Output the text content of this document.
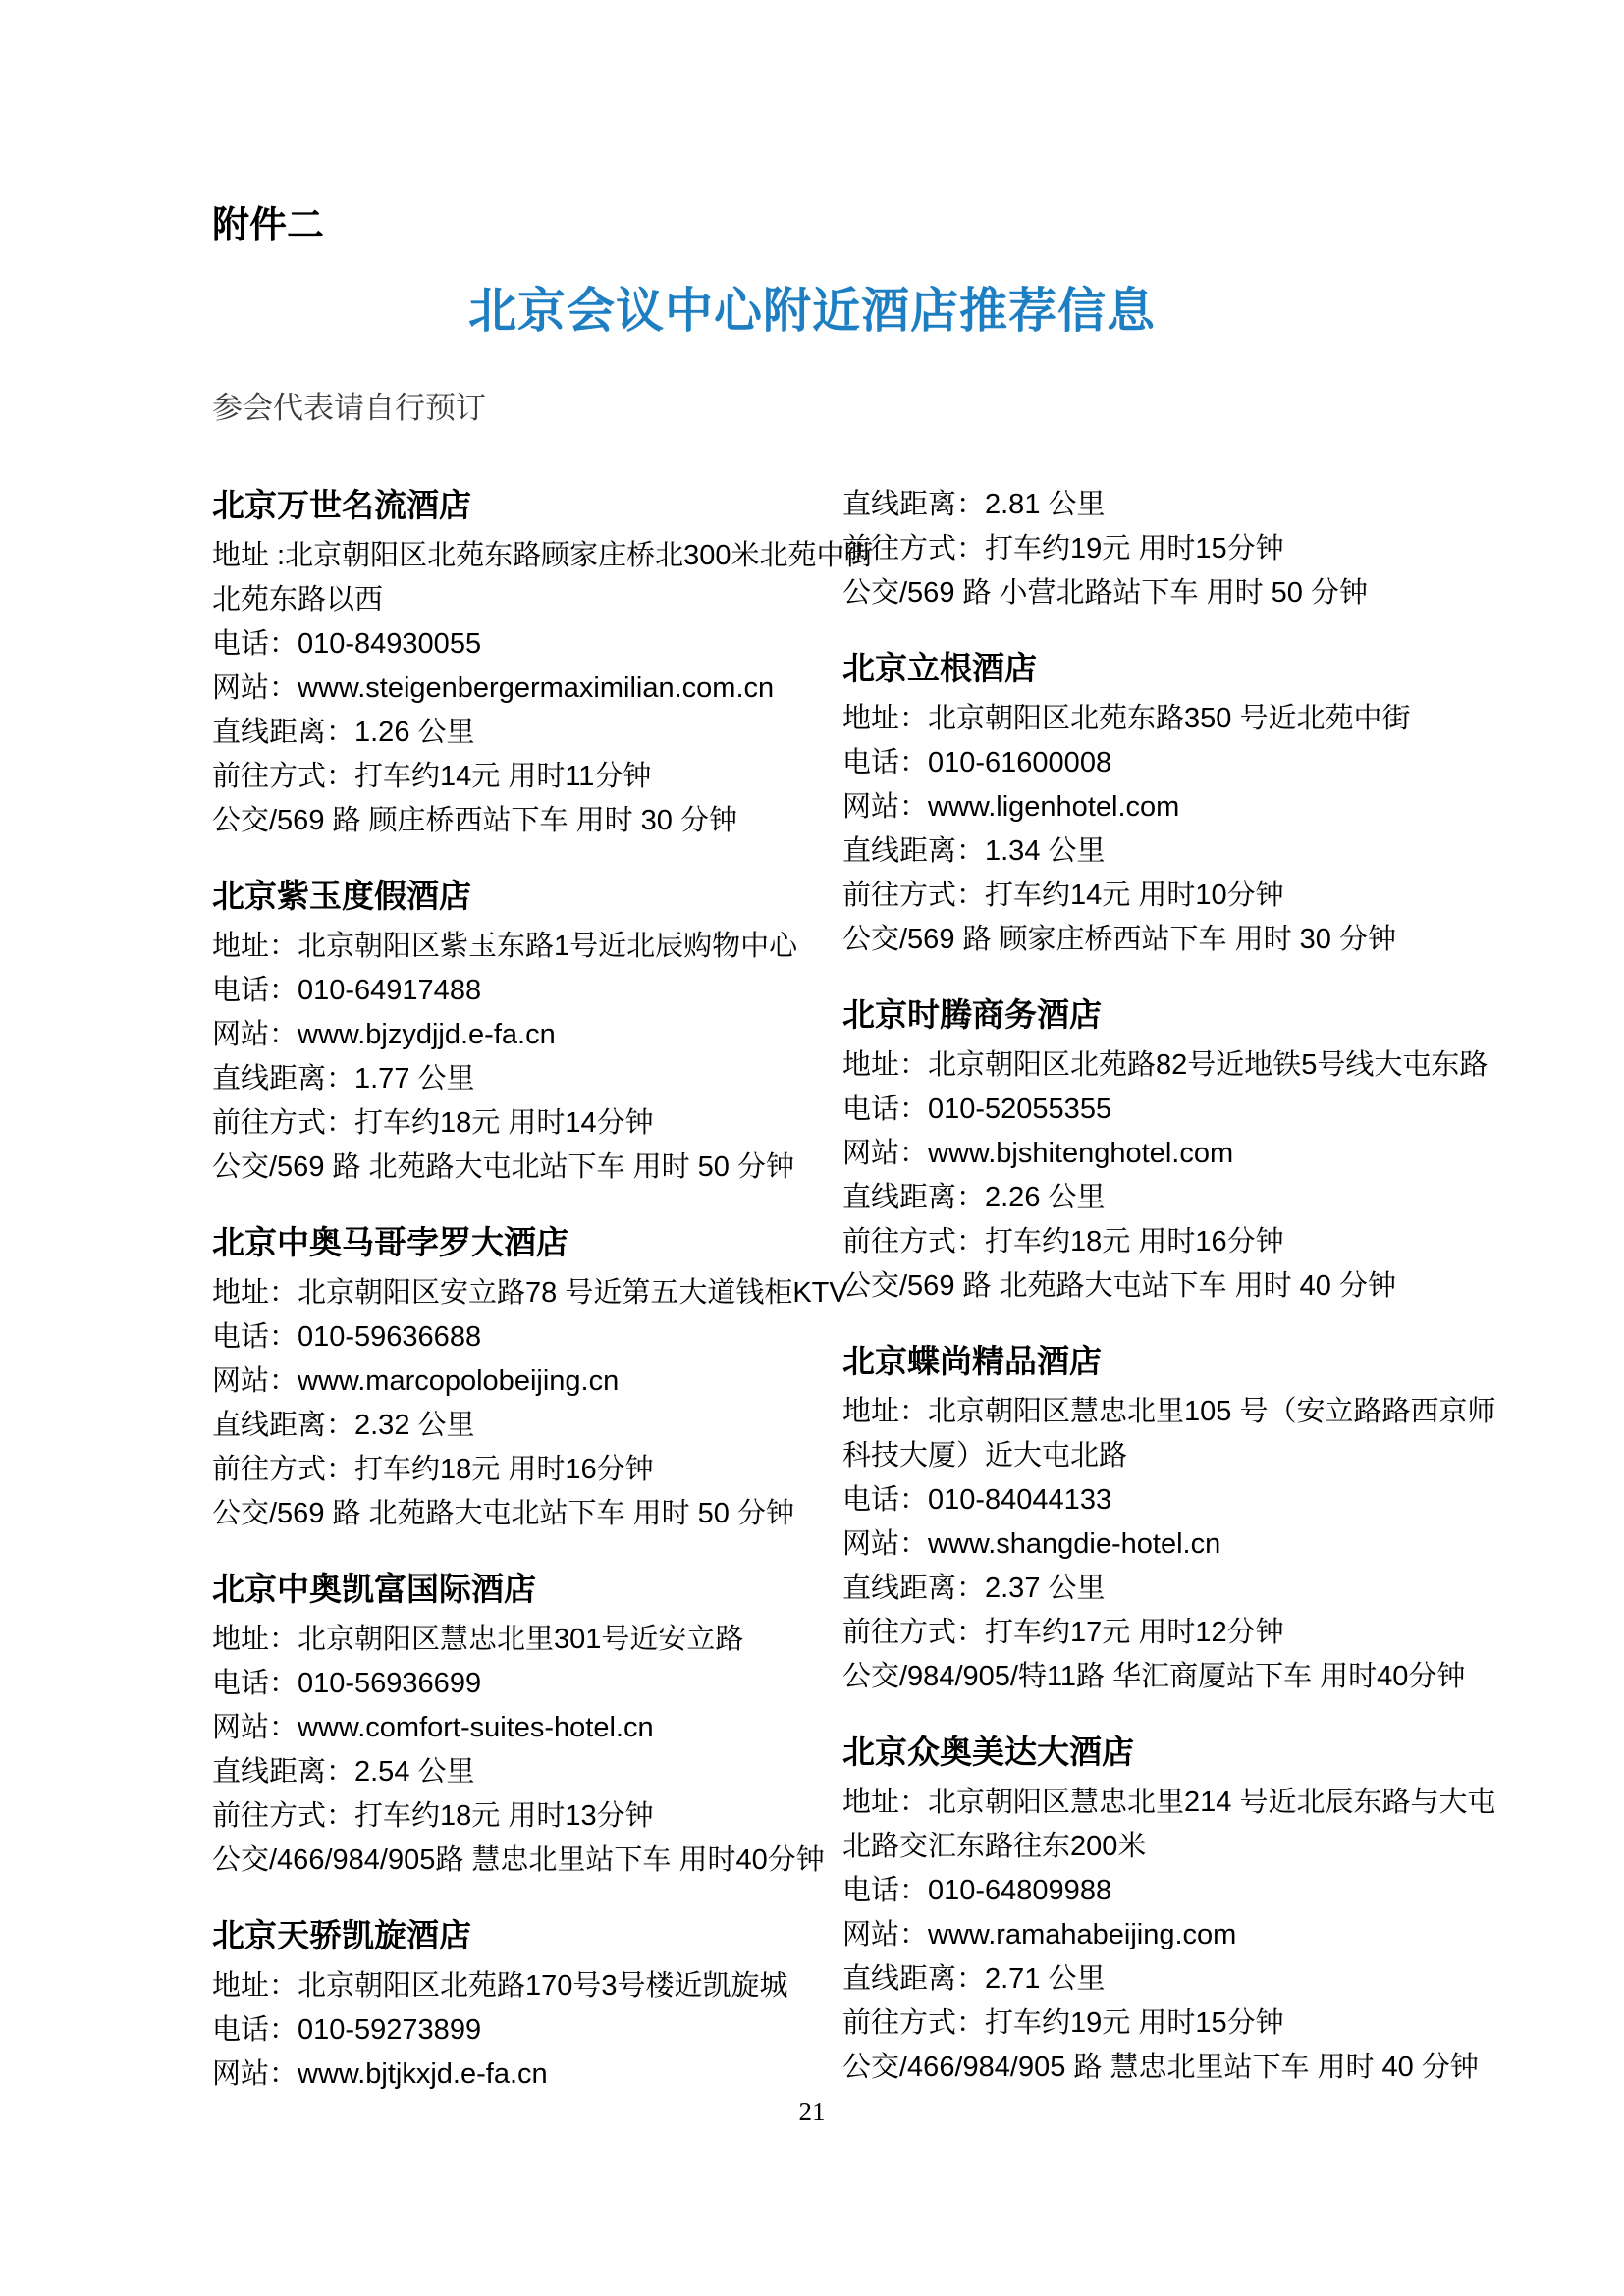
附件二
北京会议中心附近酒店推荐信息
参会代表请自行预订
北京万世名流酒店
地址 :北京朝阳区北苑东路顾家庄桥北300米北苑中街
北苑东路以西
电话：010-84930055
网站：www.steigenbergermaximilian.com.cn
直线距离：1.26 公里
前往方式：打车约14元 用时11分钟
公交/569 路 顾庄桥西站下车 用时 30 分钟
北京紫玉度假酒店
地址：北京朝阳区紫玉东路1号近北辰购物中心
电话：010-64917488
网站：www.bjzydjjd.e-fa.cn
直线距离：1.77 公里
前往方式：打车约18元 用时14分钟
公交/569 路 北苑路大屯北站下车 用时 50 分钟
北京中奥马哥孛罗大酒店
地址：北京朝阳区安立路78 号近第五大道钱柜KTV
电话：010-59636688
网站：www.marcopolobeijing.cn
直线距离：2.32 公里
前往方式：打车约18元 用时16分钟
公交/569 路 北苑路大屯北站下车 用时 50 分钟
北京中奥凯富国际酒店
地址：北京朝阳区慧忠北里301号近安立路
电话：010-56936699
网站：www.comfort-suites-hotel.cn
直线距离：2.54 公里
前往方式：打车约18元 用时13分钟
公交/466/984/905路 慧忠北里站下车 用时40分钟
北京天骄凯旋酒店
地址：北京朝阳区北苑路170号3号楼近凯旋城
电话：010-59273899
网站：www.bjtjkxjd.e-fa.cn
直线距离：2.81 公里
前往方式：打车约19元 用时15分钟
公交/569 路 小营北路站下车 用时 50 分钟
北京立根酒店
地址：北京朝阳区北苑东路350 号近北苑中街
电话：010-61600008
网站：www.ligenhotel.com
直线距离：1.34 公里
前往方式：打车约14元 用时10分钟
公交/569 路 顾家庄桥西站下车 用时 30 分钟
北京时腾商务酒店
地址：北京朝阳区北苑路82号近地铁5号线大屯东路
电话：010-52055355
网站：www.bjshitenghotel.com
直线距离：2.26 公里
前往方式：打车约18元 用时16分钟
公交/569 路 北苑路大屯站下车 用时 40 分钟
北京蝶尚精品酒店
地址：北京朝阳区慧忠北里105 号（安立路路西京师
科技大厦）近大屯北路
电话：010-84044133
网站：www.shangdie-hotel.cn
直线距离：2.37 公里
前往方式：打车约17元 用时12分钟
公交/984/905/特11路 华汇商厦站下车 用时40分钟
北京众奥美达大酒店
地址：北京朝阳区慧忠北里214 号近北辰东路与大屯
北路交汇东路往东200米
电话：010-64809988
网站：www.ramahabeijing.com
直线距离：2.71 公里
前往方式：打车约19元 用时15分钟
公交/466/984/905 路 慧忠北里站下车 用时 40 分钟
21
